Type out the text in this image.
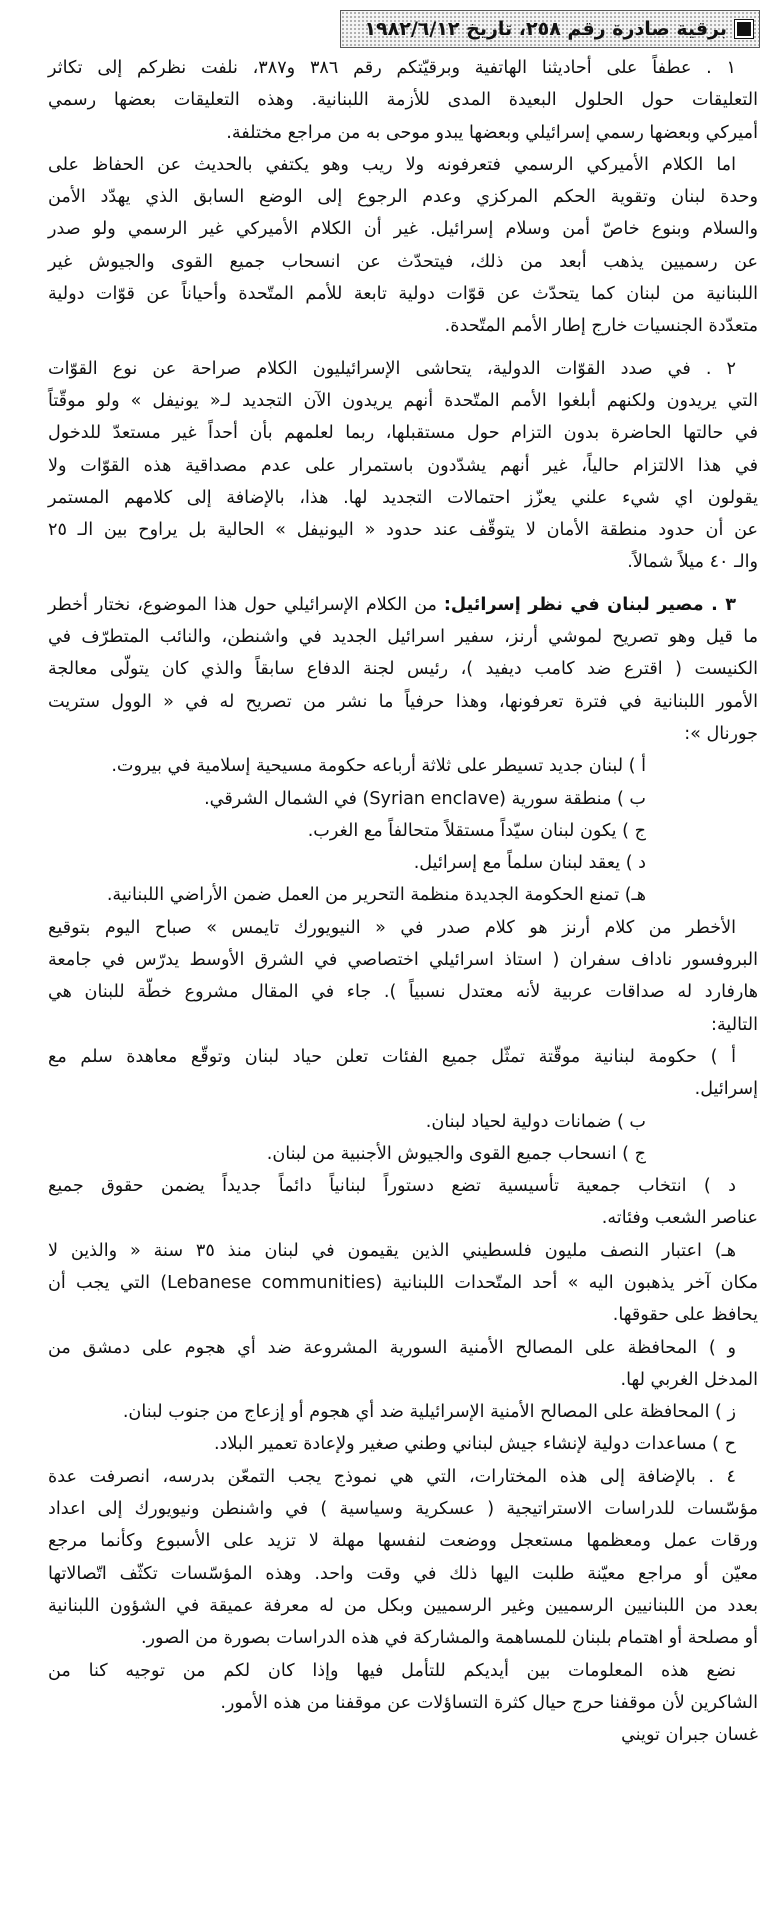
برقية صادرة رقم ٢٥٨، تاريخ ١٩٨٢/٦/١٢
١ . عطفاً على أحاديثنا الهاتفية وبرقيّتكم رقم ٣٨٦ و٣٨٧، نلفت نظركم إلى تكاثر
التعليقات حول الحلول البعيدة المدى للأزمة اللبنانية. وهذه التعليقات بعضها رسمي
أميركي وبعضها رسمي إسرائيلي وبعضها يبدو موحى به من مراجع مختلفة.
اما الكلام الأميركي الرسمي فتعرفونه ولا ريب وهو يكتفي بالحديث عن الحفاظ على
وحدة لبنان وتقوية الحكم المركزي وعدم الرجوع إلى الوضع السابق الذي يهدّد الأمن
والسلام وبنوع خاصّ أمن وسلام إسرائيل. غير أن الكلام الأميركي غير الرسمي ولو صدر
عن رسميين يذهب أبعد من ذلك، فيتحدّث عن انسحاب جميع القوى والجيوش غير
اللبنانية من لبنان كما يتحدّث عن قوّات دولية تابعة للأمم المتّحدة وأحياناً عن قوّات دولية
متعدّدة الجنسيات خارج إطار الأمم المتّحدة.
٢ . في صدد القوّات الدولية، يتحاشى الإسرائيليون الكلام صراحة عن نوع القوّات
التي يريدون ولكنهم أبلغوا الأمم المتّحدة أنهم يريدون الآن التجديد لـ« يونيفل » ولو موقّتاً
في حالتها الحاضرة بدون التزام حول مستقبلها، ربما لعلمهم بأن أحداً غير مستعدّ للدخول
في هذا الالتزام حالياً، غير أنهم يشدّدون باستمرار على عدم مصداقية هذه القوّات ولا
يقولون اي شيء علني يعزّز احتمالات التجديد لها. هذا، بالإضافة إلى كلامهم المستمر
عن أن حدود منطقة الأمان لا يتوقّف عند حدود « اليونيفل » الحالية بل يراوح بين الـ ٢٥
والـ ٤٠ ميلاً شمالاً.
٣ . مصير لبنان في نظر إسرائيل: من الكلام الإسرائيلي حول هذا الموضوع، نختار أخطر
ما قيل وهو تصريح لموشي أرنز، سفير اسرائيل الجديد في واشنطن، والنائب المتطرّف في
الكنيست ( اقترع ضد كامب ديفيد )، رئيس لجنة الدفاع سابقاً والذي كان يتولّى معالجة
الأمور اللبنانية في فترة تعرفونها، وهذا حرفياً ما نشر من تصريح له في « الوول ستريت
جورنال »:
أ ) لبنان جديد تسيطر على ثلاثة أرباعه حكومة مسيحية إسلامية في بيروت.
ب ) منطقة سورية (Syrian enclave) في الشمال الشرقي.
ج ) يكون لبنان سيّداً مستقلاً متحالفاً مع الغرب.
د ) يعقد لبنان سلماً مع إسرائيل.
هـ) تمنع الحكومة الجديدة منظمة التحرير من العمل ضمن الأراضي اللبنانية.
الأخطر من كلام أرنز هو كلام صدر في « النيويورك تايمس » صباح اليوم بتوقيع
البروفسور ناداف سفران ( استاذ اسرائيلي اختصاصي في الشرق الأوسط يدرّس في جامعة
هارفارد له صداقات عربية لأنه معتدل نسبياً ). جاء في المقال مشروع خطّة للبنان هي
التالية:
أ ) حكومة لبنانية موقّتة تمثّل جميع الفئات تعلن حياد لبنان وتوقّع معاهدة سلم مع
إسرائيل.
ب ) ضمانات دولية لحياد لبنان.
ج ) انسحاب جميع القوى والجيوش الأجنبية من لبنان.
د ) انتخاب جمعية تأسيسية تضع دستوراً لبنانياً دائماً جديداً يضمن حقوق جميع
عناصر الشعب وفئاته.
هـ) اعتبار النصف مليون فلسطيني الذين يقيمون في لبنان منذ ٣٥ سنة « والذين لا
مكان آخر يذهبون اليه » أحد المتّحدات اللبنانية (Lebanese communities) التي يجب أن
يحافظ على حقوقها.
و ) المحافظة على المصالح الأمنية السورية المشروعة ضد أي هجوم على دمشق من
المدخل الغربي لها.
ز ) المحافظة على المصالح الأمنية الإسرائيلية ضد أي هجوم أو إزعاج من جنوب لبنان.
ح ) مساعدات دولية لإنشاء جيش لبناني وطني صغير ولإعادة تعمير البلاد.
٤ . بالإضافة إلى هذه المختارات، التي هي نموذج يجب التمعّن بدرسه، انصرفت عدة
مؤسّسات للدراسات الاستراتيجية ( عسكرية وسياسية ) في واشنطن ونيويورك إلى اعداد
ورقات عمل ومعظمها مستعجل ووضعت لنفسها مهلة لا تزيد على الأسبوع وكأنما مرجع
معيّن أو مراجع معيّنة طلبت اليها ذلك في وقت واحد. وهذه المؤسّسات تكثّف اتّصالاتها
بعدد من اللبنانيين الرسميين وغير الرسميين وبكل من له معرفة عميقة في الشؤون اللبنانية
أو مصلحة أو اهتمام بلبنان للمساهمة والمشاركة في هذه الدراسات بصورة من الصور.
نضع هذه المعلومات بين أيديكم للتأمل فيها وإذا كان لكم من توجيه كنا من
الشاكرين لأن موقفنا حرج حيال كثرة التساؤلات عن موقفنا من هذه الأمور.
غسان جبران تويني
